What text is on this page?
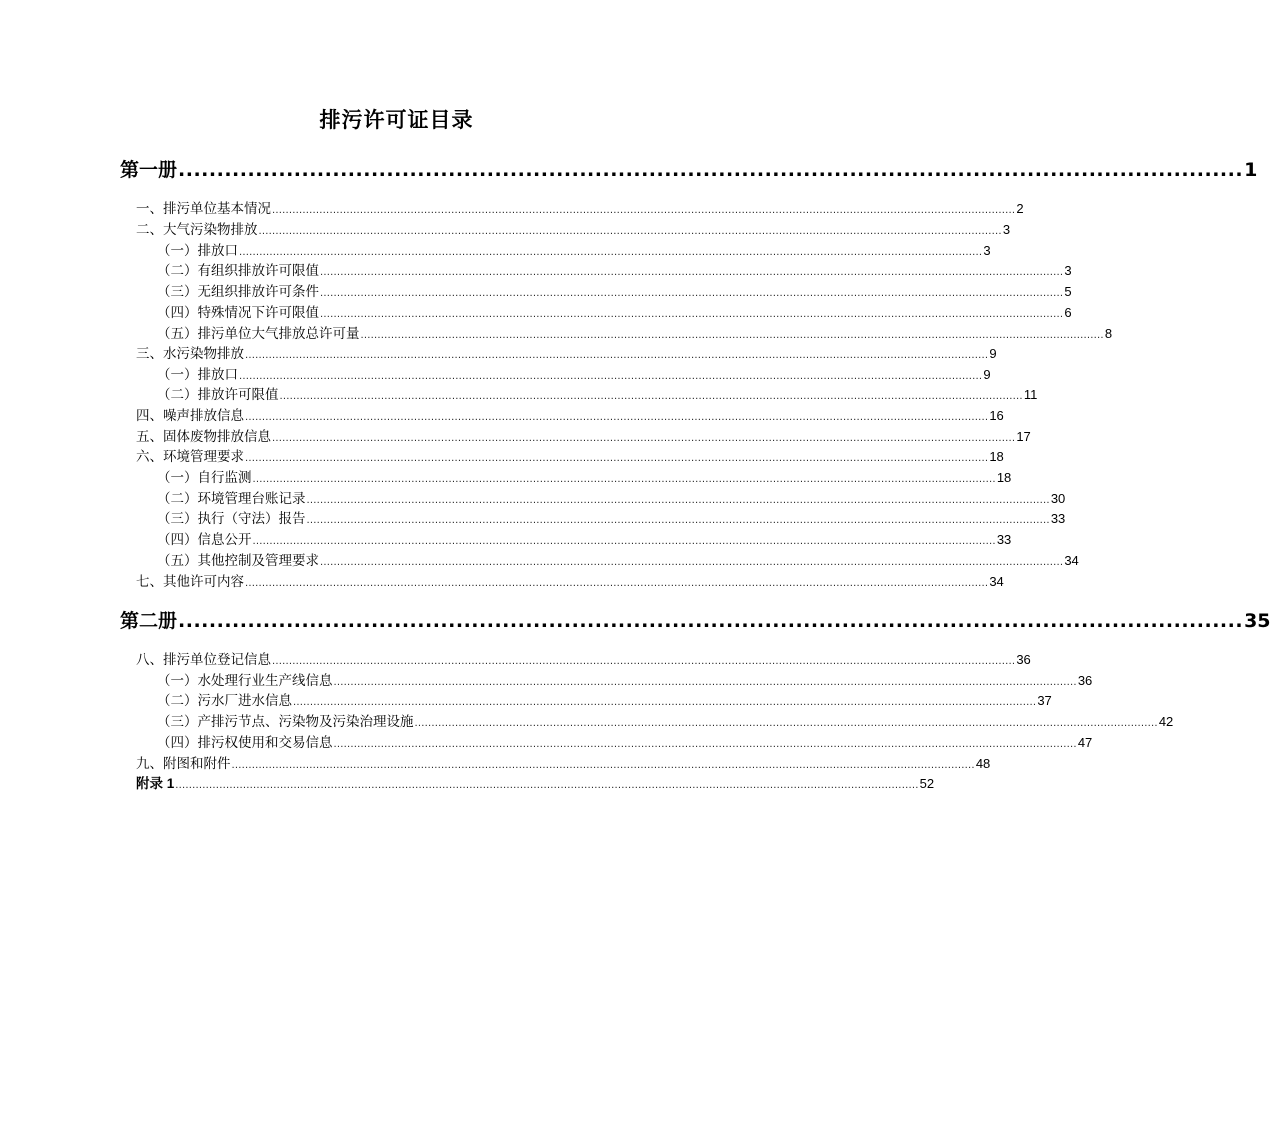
排污许可证目录
第一册 .......................................................................................................................................... 1
一、排污单位基本情况 ............................................................................................................................................................................................................................ 2
二、大气污染物排放 ............................................................................................................................................................................................................................ 3
（一）排放口 ............................................................................................................................................................................................................................ 3
（二）有组织排放许可限值 ............................................................................................................................................................................................................................ 3
（三）无组织排放许可条件 ............................................................................................................................................................................................................................ 5
（四）特殊情况下许可限值 ............................................................................................................................................................................................................................ 6
（五）排污单位大气排放总许可量 ............................................................................................................................................................................................................................ 8
三、水污染物排放 ............................................................................................................................................................................................................................ 9
（一）排放口 ............................................................................................................................................................................................................................ 9
（二）排放许可限值 ............................................................................................................................................................................................................................ 11
四、噪声排放信息 ............................................................................................................................................................................................................................ 16
五、固体废物排放信息 ............................................................................................................................................................................................................................ 17
六、环境管理要求 ............................................................................................................................................................................................................................ 18
（一）自行监测 ............................................................................................................................................................................................................................ 18
（二）环境管理台账记录 ............................................................................................................................................................................................................................ 30
（三）执行（守法）报告 ............................................................................................................................................................................................................................ 33
（四）信息公开 ............................................................................................................................................................................................................................ 33
（五）其他控制及管理要求 ............................................................................................................................................................................................................................ 34
七、其他许可内容 ............................................................................................................................................................................................................................ 34
第二册 .......................................................................................................................................... 35
八、排污单位登记信息 ............................................................................................................................................................................................................................ 36
（一）水处理行业生产线信息 ............................................................................................................................................................................................................................ 36
（二）污水厂进水信息 ............................................................................................................................................................................................................................ 37
（三）产排污节点、污染物及污染治理设施 ............................................................................................................................................................................................................................ 42
（四）排污权使用和交易信息 ............................................................................................................................................................................................................................ 47
九、附图和附件 ............................................................................................................................................................................................................................ 48
附录 1 ............................................................................................................................................................................................................................ 52
